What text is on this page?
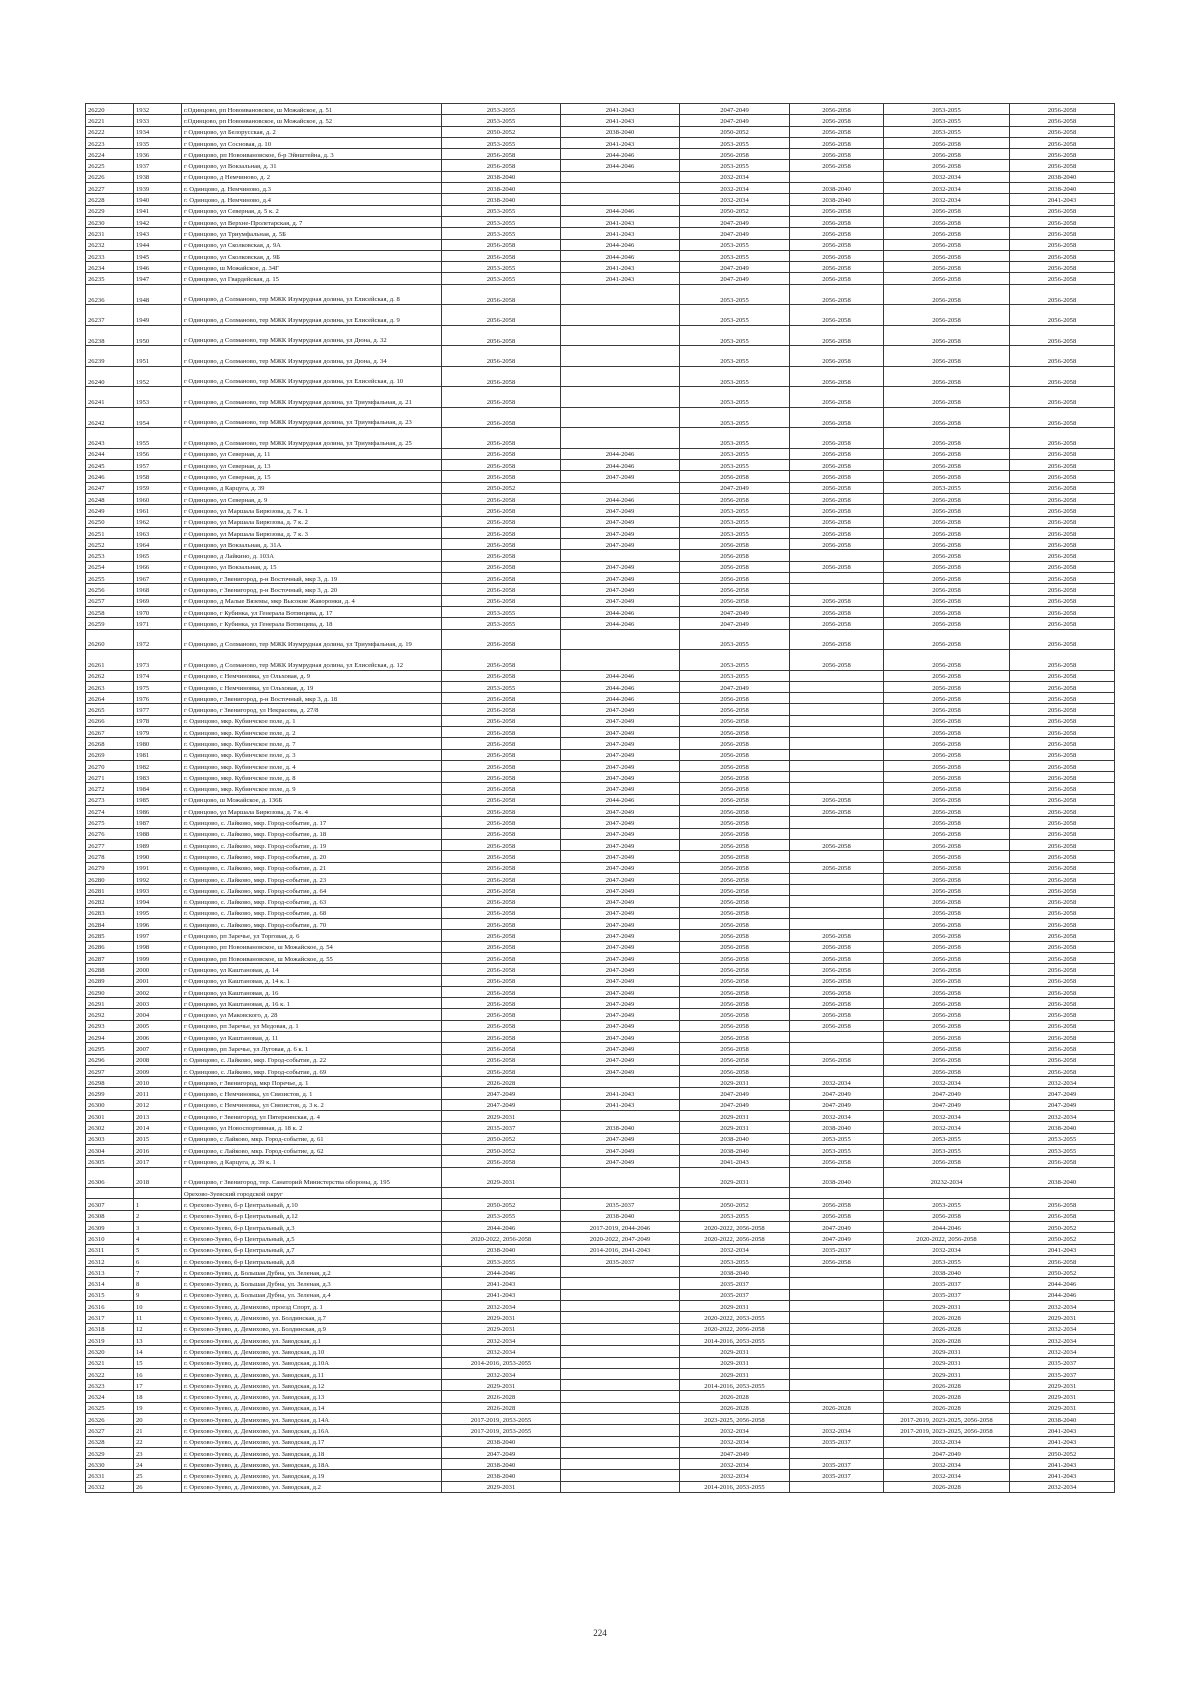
26220	1932	г.Одинцово, рп Новоивановское, ш Можайское, д. 51	2053-2055	2041-2043	2047-2049	2056-2058	2053-2055	2056-2058
26221	1933	г.Одинцово, рп Новоивановское, ш Можайское, д. 52	2053-2055	2041-2043	2047-2049	2056-2058	2053-2055	2056-2058
26222	1934	г Одинцово, ул Белорусская, д. 2	2050-2052	2038-2040	2050-2052	2056-2058	2053-2055	2056-2058
26223	1935	г Одинцово, ул Сосновая, д. 10	2053-2055	2041-2043	2053-2055	2056-2058	2056-2058	2056-2058
26224	1936	г Одинцово, рп Новоивановское, б-р Эйнштейна, д. 3	2056-2058	2044-2046	2056-2058	2056-2058	2056-2058	2056-2058
26225	1937	г Одинцово, ул Вокзальная, д. 31	2056-2058	2044-2046	2053-2055	2056-2058	2056-2058	2056-2058
26226	1938	г Одинцово, д Немчиново, д. 2	2038-2040		2032-2034		2032-2034	2038-2040
26227	1939	г. Одинцово, д. Немчиново, д.3	2038-2040		2032-2034	2038-2040	2032-2034	2038-2040
26228	1940	г. Одинцово, д. Немчиново, д.4	2038-2040		2032-2034	2038-2040	2032-2034	2041-2043
26229	1941	г Одинцово, ул Северная, д. 5 к. 2	2053-2055	2044-2046	2050-2052	2056-2058	2056-2058	2056-2058
26230	1942	г Одинцово, ул Верхне-Пролетарская, д. 7	2053-2055	2041-2043	2047-2049	2056-2058	2056-2058	2056-2058
26231	1943	г Одинцово, ул Триумфальная, д. 5Б	2053-2055	2041-2043	2047-2049	2056-2058	2056-2058	2056-2058
26232	1944	г Одинцово, ул Сколковская, д. 9А	2056-2058	2044-2046	2053-2055	2056-2058	2056-2058	2056-2058
26233	1945	г Одинцово, ул Сколковская, д. 9Б	2056-2058	2044-2046	2053-2055	2056-2058	2056-2058	2056-2058
26234	1946	г Одинцово, ш Можайское, д. 34Г	2053-2055	2041-2043	2047-2049	2056-2058	2056-2058	2056-2058
26235	1947	г Одинцово, ул Гвардейская, д. 15	2053-2055	2041-2043	2047-2049	2056-2058	2056-2058	2056-2058
26236	1948	г Одинцово, д Солманово, тер МЖК Изумрудная долина, ул Елисейская, д. 8	2056-2058		2053-2055	2056-2058	2056-2058	2056-2058
26237	1949	г Одинцово, д Солманово, тер МЖК Изумрудная долина, ул Елисейская, д. 9	2056-2058		2053-2055	2056-2058	2056-2058	2056-2058
26238	1950	г Одинцово, д Солманово, тер МЖК Изумрудная долина, ул Дюна, д. 32	2056-2058		2053-2055	2056-2058	2056-2058	2056-2058
26239	1951	г Одинцово, д Солманово, тер МЖК Изумрудная долина, ул Дюна, д. 34	2056-2058		2053-2055	2056-2058	2056-2058	2056-2058
26240	1952	г Одинцово, д Солманово, тер МЖК Изумрудная долина, ул Елисейская, д. 10	2056-2058		2053-2055	2056-2058	2056-2058	2056-2058
26241	1953	г Одинцово, д Солманово, тер МЖК Изумрудная долина, ул Триумфальная, д. 21	2056-2058		2053-2055	2056-2058	2056-2058	2056-2058
26242	1954	г Одинцово, д Солманово, тер МЖК Изумрудная долина, ул Триумфальная, д. 23	2056-2058		2053-2055	2056-2058	2056-2058	2056-2058
26243	1955	г Одинцово, д Солманово, тер МЖК Изумрудная долина, ул Триумфальная, д. 25	2056-2058		2053-2055	2056-2058	2056-2058	2056-2058
26244	1956	г Одинцово, ул Северная, д. 11	2056-2058	2044-2046	2053-2055	2056-2058	2056-2058	2056-2058
26245	1957	г Одинцово, ул Северная, д. 13	2056-2058	2044-2046	2053-2055	2056-2058	2056-2058	2056-2058
26246	1958	г Одинцово, ул Северная, д. 15	2056-2058	2047-2049	2056-2058	2056-2058	2056-2058	2056-2058
26247	1959	г Одинцово, д Карцуга, д. 39	2050-2052		2047-2049	2056-2058	2053-2055	2056-2058
26248	1960	г Одинцово, ул Северная, д. 9	2056-2058	2044-2046	2056-2058	2056-2058	2056-2058	2056-2058
26249	1961	г Одинцово, ул Маршала Бирюзова, д. 7 к. 1	2056-2058	2047-2049	2053-2055	2056-2058	2056-2058	2056-2058
26250	1962	г Одинцово, ул Маршала Бирюзова, д. 7 к. 2	2056-2058	2047-2049	2053-2055	2056-2058	2056-2058	2056-2058
26251	1963	г Одинцово, ул Маршала Бирюзова, д. 7 к. 3	2056-2058	2047-2049	2053-2055	2056-2058	2056-2058	2056-2058
26252	1964	г Одинцово, ул Вокзальная, д. 31А	2056-2058	2047-2049	2056-2058	2056-2058	2056-2058	2056-2058
26253	1965	г Одинцово, д Лайкино, д. 103А	2056-2058		2056-2058		2056-2058	2056-2058
26254	1966	г Одинцово, ул Вокзальная, д. 15	2056-2058	2047-2049	2056-2058	2056-2058	2056-2058	2056-2058
26255	1967	г Одинцово, г Звенигород, р-н Восточный, мкр 3, д. 19	2056-2058	2047-2049	2056-2058		2056-2058	2056-2058
26256	1968	г Одинцово, г Звенигород, р-н Восточный, мкр 3, д. 20	2056-2058	2047-2049	2056-2058		2056-2058	2056-2058
26257	1969	г Одинцово, д Малые Вяземы, мкр Высокие Жаворонки, д. 4	2056-2058	2047-2049	2056-2058	2056-2058	2056-2058	2056-2058
26258	1970	г Одинцово, г Кубинка, ул Генерала Вотинцева, д. 17	2053-2055	2044-2046	2047-2049	2056-2058	2056-2058	2056-2058
26259	1971	г Одинцово, г Кубинка, ул Генерала Вотинцева, д. 18	2053-2055	2044-2046	2047-2049	2056-2058	2056-2058	2056-2058
26260	1972	г Одинцово, д Солманово, тер МЖК Изумрудная долина, ул Триумфальная, д. 19	2056-2058		2053-2055	2056-2058	2056-2058	2056-2058
26261	1973	г Одинцово, д Солманово, тер МЖК Изумрудная долина, ул Елисейская, д. 12	2056-2058		2053-2055	2056-2058	2056-2058	2056-2058
26262	1974	г Одинцово, с Немчиновка, ул Ольховая, д. 9	2056-2058	2044-2046	2053-2055		2056-2058	2056-2058
26263	1975	г Одинцово, с Немчиновка, ул Ольховая, д. 19	2053-2055	2044-2046	2047-2049		2056-2058	2056-2058
26264	1976	г Одинцово, г Звенигород, р-н Восточный, мкр 3, д. 18	2056-2058	2044-2046	2056-2058		2056-2058	2056-2058
26265	1977	г Одинцово, г Звенигород, ул Некрасова, д. 27/8	2056-2058	2047-2049	2056-2058		2056-2058	2056-2058
26266	1978	г. Одинцово, мкр. Кубинчское поле, д. 1	2056-2058	2047-2049	2056-2058		2056-2058	2056-2058
26267	1979	г. Одинцово, мкр. Кубинчское поле, д. 2	2056-2058	2047-2049	2056-2058		2056-2058	2056-2058
26268	1980	г. Одинцово, мкр. Кубинчское поле, д. 7	2056-2058	2047-2049	2056-2058		2056-2058	2056-2058
26269	1981	г. Одинцово, мкр. Кубинчское поле, д. 3	2056-2058	2047-2049	2056-2058		2056-2058	2056-2058
26270	1982	г. Одинцово, мкр. Кубинчское поле, д. 4	2056-2058	2047-2049	2056-2058		2056-2058	2056-2058
26271	1983	г. Одинцово, мкр. Кубинчское поле, д. 8	2056-2058	2047-2049	2056-2058		2056-2058	2056-2058
26272	1984	г. Одинцово, мкр. Кубинчское поле, д. 9	2056-2058	2047-2049	2056-2058		2056-2058	2056-2058
26273	1985	г Одинцово, ш Можайское, д. 136Б	2056-2058	2044-2046	2056-2058	2056-2058	2056-2058	2056-2058
26274	1986	г Одинцово, ул Маршала Бирюзова, д. 7 к. 4	2056-2058	2047-2049	2056-2058	2056-2058	2056-2058	2056-2058
26275	1987	г. Одинцово, с. Лайково, мкр. Город-событие, д. 17	2056-2058	2047-2049	2056-2058		2056-2058	2056-2058
26276	1988	г. Одинцово, с. Лайково, мкр. Город-событие, д. 18	2056-2058	2047-2049	2056-2058		2056-2058	2056-2058
26277	1989	г. Одинцово, с. Лайково, мкр. Город-событие, д. 19	2056-2058	2047-2049	2056-2058	2056-2058	2056-2058	2056-2058
26278	1990	г. Одинцово, с. Лайково, мкр. Город-событие, д. 20	2056-2058	2047-2049	2056-2058		2056-2058	2056-2058
26279	1991	г. Одинцово, с. Лайково, мкр. Город-событие, д. 21	2056-2058	2047-2049	2056-2058	2056-2058	2056-2058	2056-2058
26280	1992	г. Одинцово, с. Лайково, мкр. Город-событие, д. 23	2056-2058	2047-2049	2056-2058		2056-2058	2056-2058
26281	1993	г. Одинцово, с. Лайково, мкр. Город-событие, д. 64	2056-2058	2047-2049	2056-2058		2056-2058	2056-2058
26282	1994	г. Одинцово, с. Лайково, мкр. Город-событие, д. 63	2056-2058	2047-2049	2056-2058		2056-2058	2056-2058
26283	1995	г. Одинцово, с. Лайково, мкр. Город-событие, д. 68	2056-2058	2047-2049	2056-2058		2056-2058	2056-2058
26284	1996	г. Одинцово, с. Лайково, мкр. Город-событие, д. 70	2056-2058	2047-2049	2056-2058		2056-2058	2056-2058
26285	1997	г Одинцово, рп Заречье, ул Торговая, д. 6	2056-2058	2047-2049	2056-2058	2056-2058	2056-2058	2056-2058
26286	1998	г Одинцово, рп Новоивановское, ш Можайское, д. 54	2056-2058	2047-2049	2056-2058	2056-2058	2056-2058	2056-2058
26287	1999	г Одинцово, рп Новоивановское, ш Можайское, д. 55	2056-2058	2047-2049	2056-2058	2056-2058	2056-2058	2056-2058
26288	2000	г Одинцово, ул Каштановая, д. 14	2056-2058	2047-2049	2056-2058	2056-2058	2056-2058	2056-2058
26289	2001	г Одинцово, ул Каштановая, д. 14 к. 1	2056-2058	2047-2049	2056-2058	2056-2058	2056-2058	2056-2058
26290	2002	г Одинцово, ул Каштановая, д. 16	2056-2058	2047-2049	2056-2058	2056-2058	2056-2058	2056-2058
26291	2003	г Одинцово, ул Каштановая, д. 16 к. 1	2056-2058	2047-2049	2056-2058	2056-2058	2056-2058	2056-2058
26292	2004	г Одинцово, ул Маковского, д. 28	2056-2058	2047-2049	2056-2058	2056-2058	2056-2058	2056-2058
26293	2005	г Одинцово, рп Заречье, ул Медовая, д. 1	2056-2058	2047-2049	2056-2058	2056-2058	2056-2058	2056-2058
26294	2006	г Одинцово, ул Каштановая, д. 11	2056-2058	2047-2049	2056-2058		2056-2058	2056-2058
26295	2007	г Одинцово, рп Заречье, ул Луговая, д. 6 к. 1	2056-2058	2047-2049	2056-2058		2056-2058	2056-2058
26296	2008	г. Одинцово, с. Лайково, мкр. Город-событие, д. 22	2056-2058	2047-2049	2056-2058	2056-2058	2056-2058	2056-2058
26297	2009	г. Одинцово, с. Лайково, мкр. Город-событие, д. 69	2056-2058	2047-2049	2056-2058		2056-2058	2056-2058
26298	2010	г Одинцово, г Звенигород, мкр Поречье, д. 1	2026-2028		2029-2031	2032-2034	2032-2034	2032-2034
26299	2011	г Одинцово, с Немчиновка, ул Связистов, д. 1	2047-2049	2041-2043	2047-2049	2047-2049	2047-2049	2047-2049
26300	2012	г Одинцово, с Немчиновка, ул Связистов, д. 3 к. 2	2047-2049	2041-2043	2047-2049	2047-2049	2047-2049	2047-2049
26301	2013	г Одинцово, г Звенигород, ул Пятеркинская, д. 4	2029-2031		2029-2031	2032-2034	2032-2034	2032-2034
26302	2014	г Одинцово, ул Новоспортивная, д. 18 к. 2	2035-2037	2038-2040	2029-2031	2038-2040	2032-2034	2038-2040
26303	2015	г Одинцово, с Лайково, мкр. Город-событие, д. 61	2050-2052	2047-2049	2038-2040	2053-2055	2053-2055	2053-2055
26304	2016	г Одинцово, с Лайково, мкр. Город-событие, д. 62	2050-2052	2047-2049	2038-2040	2053-2055	2053-2055	2053-2055
26305	2017	г Одинцово, д Карцуга, д. 39 к. 1	2056-2058	2047-2049	2041-2043	2056-2058	2056-2058	2056-2058
26306	2018	г Одинцово, г Звенигород, тер. Санаторий Министерства обороны, д. 195	2029-2031		2029-2031	2038-2040	20232-2034	2038-2040
		Орехово-Зуевский городской округ						
26307	1	г. Орехово-Зуево, б-р Центральный, д.10	2050-2052	2035-2037	2050-2052	2056-2058	2053-2055	2056-2058
26308	2	г. Орехово-Зуево, б-р Центральный, д.12	2053-2055	2038-2040	2053-2055	2056-2058	2056-2058	2056-2058
26309	3	г. Орехово-Зуево, б-р Центральный, д.3	2044-2046	2017-2019, 2044-2046	2020-2022, 2056-2058	2047-2049	2044-2046	2050-2052
26310	4	г. Орехово-Зуево, б-р Центральный, д.5	2020-2022, 2056-2058	2020-2022, 2047-2049	2020-2022, 2056-2058	2047-2049	2020-2022, 2056-2058	2050-2052
26311	5	г. Орехово-Зуево, б-р Центральный, д.7	2038-2040	2014-2016, 2041-2043	2032-2034	2035-2037	2032-2034	2041-2043
26312	6	г. Орехово-Зуево, б-р Центральный, д.8	2053-2055	2035-2037	2053-2055	2056-2058	2053-2055	2056-2058
26313	7	г. Орехово-Зуево, д. Большая Дубна, ул. Зеленая, д.2	2044-2046		2038-2040		2038-2040	2050-2052
26314	8	г. Орехово-Зуево, д. Большая Дубна, ул. Зеленая, д.3	2041-2043		2035-2037		2035-2037	2044-2046
26315	9	г. Орехово-Зуево, д. Большая Дубна, ул. Зеленая, д.4	2041-2043		2035-2037		2035-2037	2044-2046
26316	10	г. Орехово-Зуево, д. Демихово, проезд Спорт, д. 1	2032-2034		2029-2031		2029-2031	2032-2034
26317	11	г. Орехово-Зуево, д. Демихово, ул. Болдинская, д.7	2029-2031		2020-2022, 2053-2055		2026-2028	2029-2031
26318	12	г. Орехово-Зуево, д. Демихово, ул. Болдинская, д.9	2029-2031		2020-2022, 2056-2058		2026-2028	2032-2034
26319	13	г. Орехово-Зуево, д. Демихово, ул. Заводская, д.1	2032-2034		2014-2016, 2053-2055		2026-2028	2032-2034
26320	14	г. Орехово-Зуево, д. Демихово, ул. Заводская, д.10	2032-2034		2029-2031		2029-2031	2032-2034
26321	15	г. Орехово-Зуево, д. Демихово, ул. Заводская, д.10А	2014-2016, 2053-2055		2029-2031		2029-2031	2035-2037
26322	16	г. Орехово-Зуево, д. Демихово, ул. Заводская, д.11	2032-2034		2029-2031		2029-2031	2035-2037
26323	17	г. Орехово-Зуево, д. Демихово, ул. Заводская, д.12	2029-2031		2014-2016, 2053-2055		2026-2028	2029-2031
26324	18	г. Орехово-Зуево, д. Демихово, ул. Заводская, д.13	2026-2028		2026-2028		2026-2028	2029-2031
26325	19	г. Орехово-Зуево, д. Демихово, ул. Заводская, д.14	2026-2028		2026-2028	2026-2028	2026-2028	2029-2031
26326	20	г. Орехово-Зуево, д. Демихово, ул. Заводская, д.14А	2017-2019, 2053-2055		2023-2025, 2056-2058		2017-2019, 2023-2025, 2056-2058	2038-2040
26327	21	г. Орехово-Зуево, д. Демихово, ул. Заводская, д.16А	2017-2019, 2053-2055		2032-2034	2032-2034	2017-2019, 2023-2025, 2056-2058	2041-2043
26328	22	г. Орехово-Зуево, д. Демихово, ул. Заводская, д.17	2038-2040		2032-2034	2035-2037	2032-2034	2041-2043
26329	23	г. Орехово-Зуево, д. Демихово, ул. Заводская, д.18	2047-2049		2047-2049		2047-2049	2050-2052
26330	24	г. Орехово-Зуево, д. Демихово, ул. Заводская, д.18А	2038-2040		2032-2034	2035-2037	2032-2034	2041-2043
26331	25	г. Орехово-Зуево, д. Демихово, ул. Заводская, д.19	2038-2040		2032-2034	2035-2037	2032-2034	2041-2043
26332	26	г. Орехово-Зуево, д. Демихово, ул. Заводская, д.2	2029-2031		2014-2016, 2053-2055		2026-2028	2032-2034
224
